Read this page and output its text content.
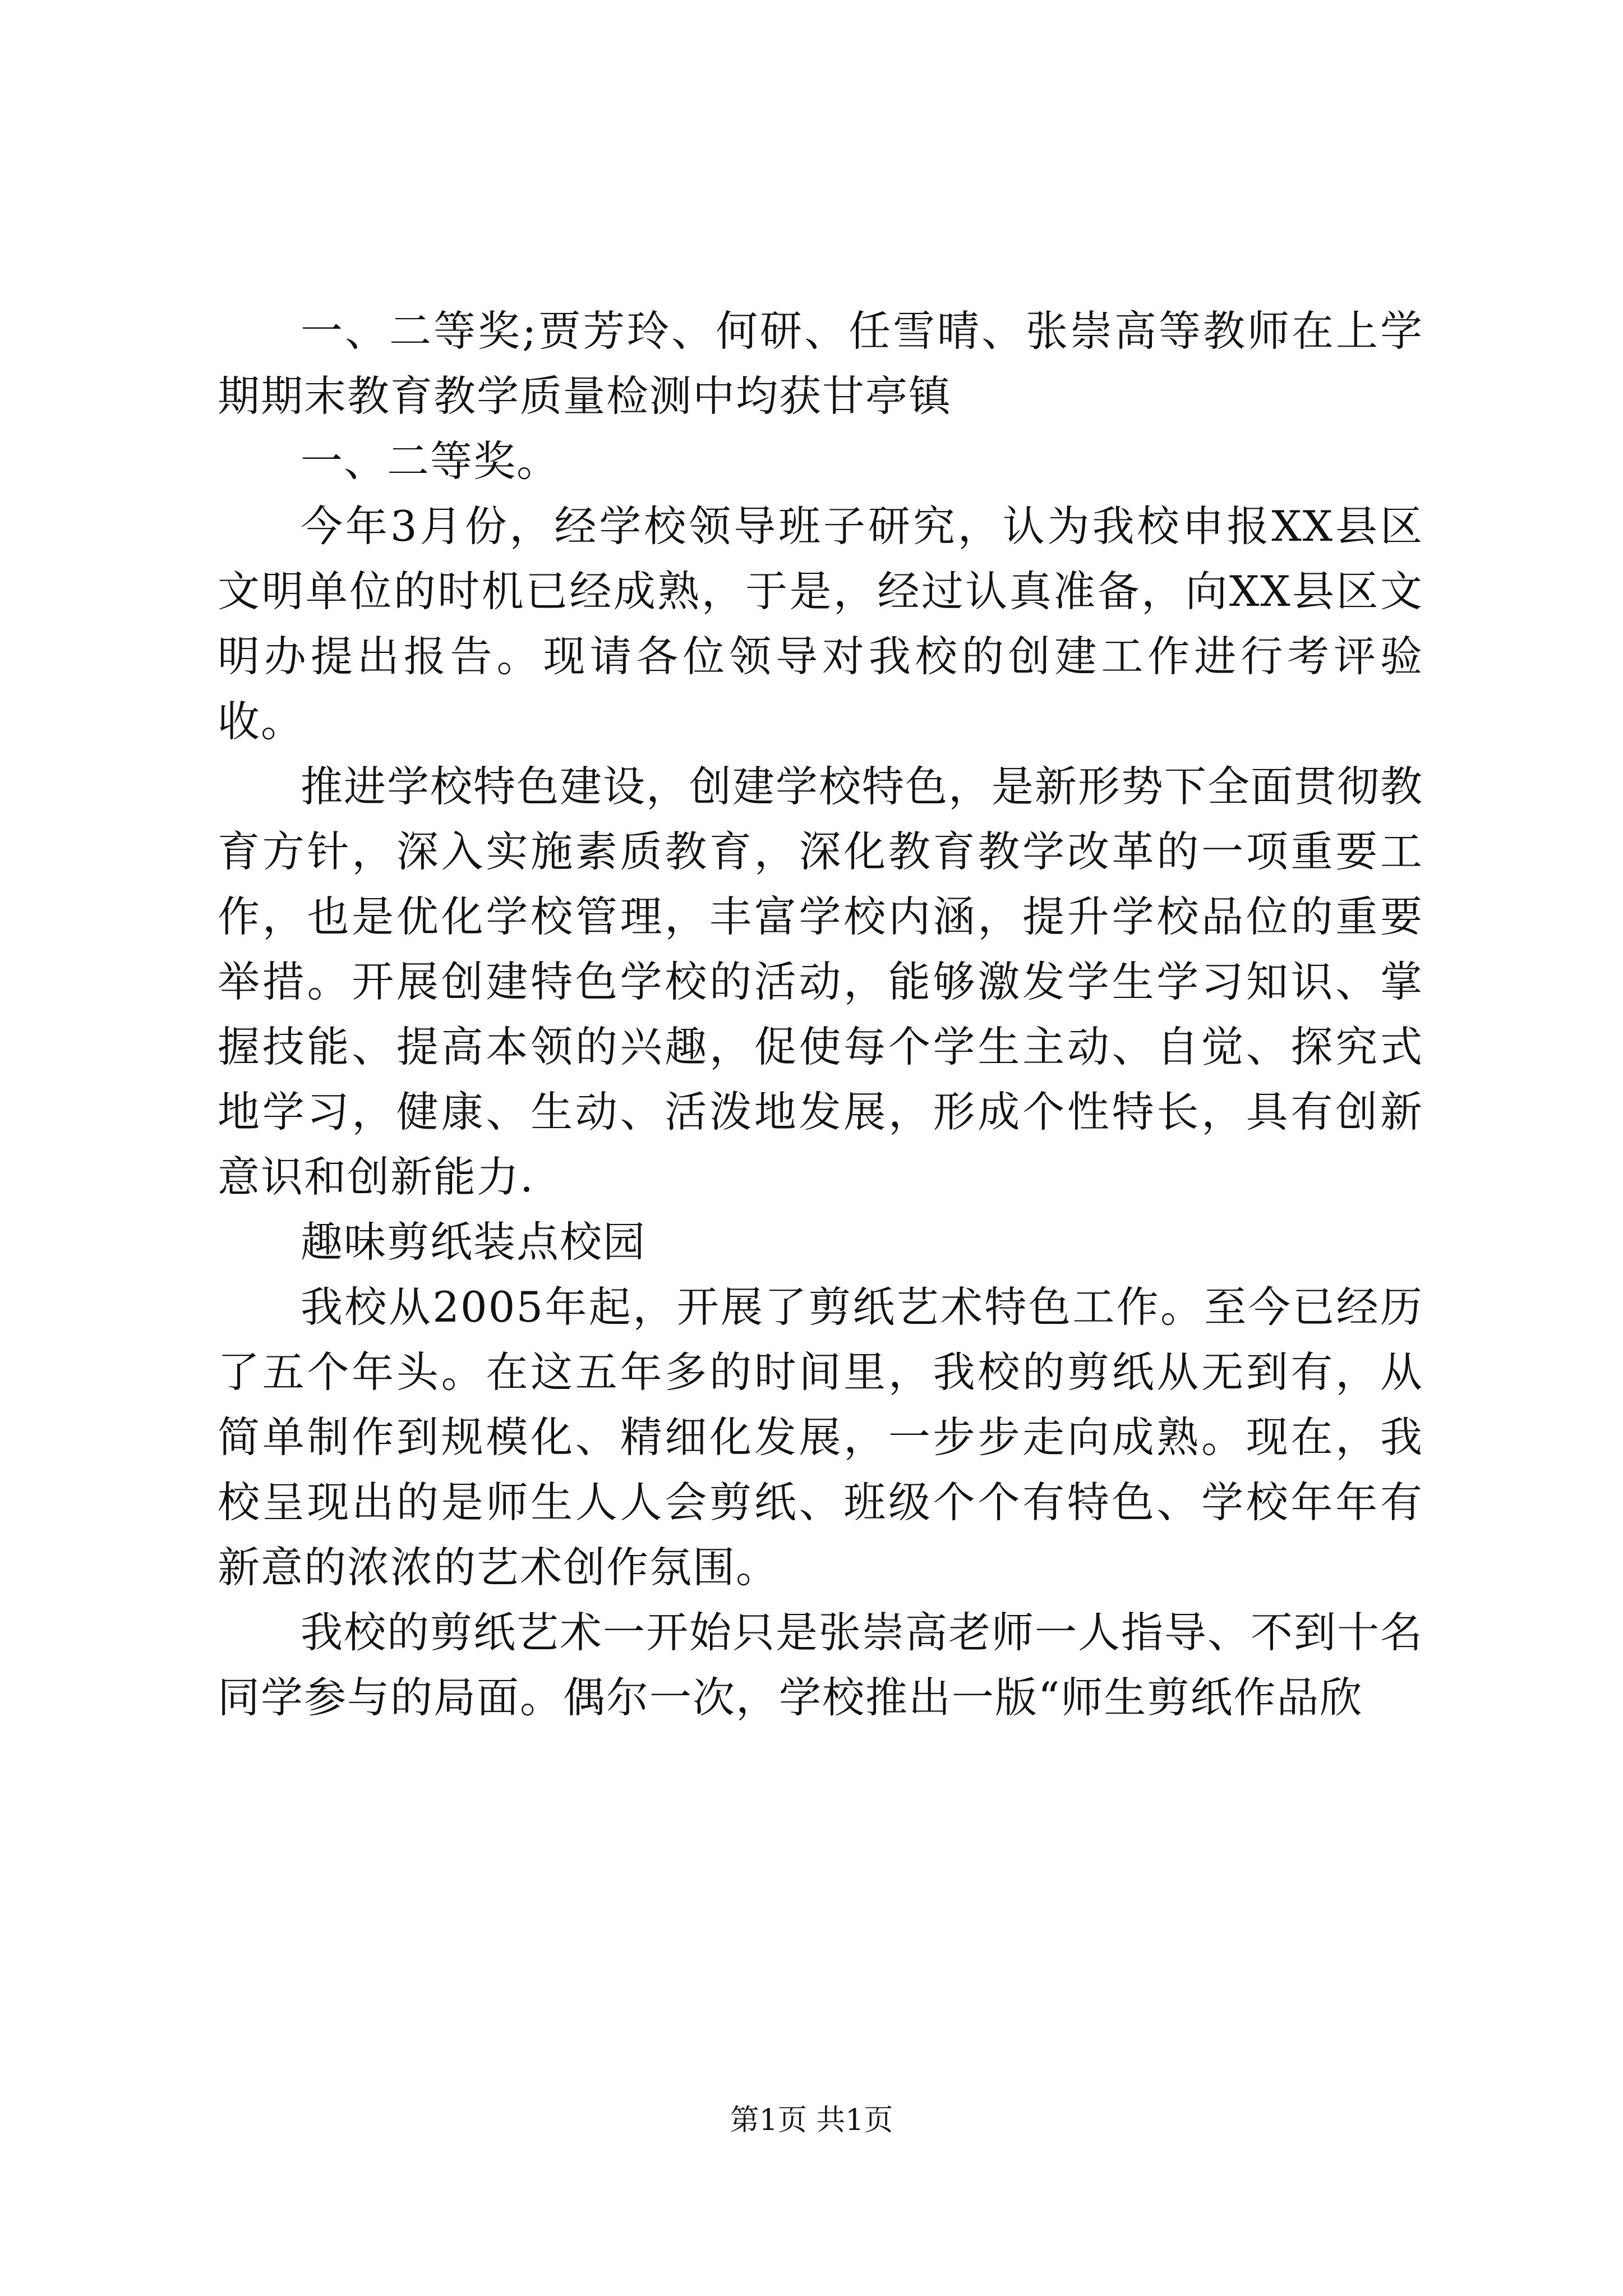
一、二等奖;贾芳玲、何研、任雪晴、张崇高等教师在上学期期末教育教学质量检测中均获甘亭镇

一、二等奖。

今年3月份，经学校领导班子研究，认为我校申报XX县区文明单位的时机已经成熟，于是，经过认真准备，向XX县区文明办提出报告。现请各位领导对我校的创建工作进行考评验收。

推进学校特色建设，创建学校特色，是新形势下全面贯彻教育方针，深入实施素质教育，深化教育教学改革的一项重要工作，也是优化学校管理，丰富学校内涵，提升学校品位的重要举措。开展创建特色学校的活动，能够激发学生学习知识、掌握技能、提高本领的兴趣，促使每个学生主动、自觉、探究式地学习，健康、生动、活泼地发展，形成个性特长，具有创新意识和创新能力.

趣味剪纸装点校园

我校从2005年起，开展了剪纸艺术特色工作。至今已经历了五个年头。在这五年多的时间里，我校的剪纸从无到有，从简单制作到规模化、精细化发展，一步步走向成熟。现在，我校呈现出的是师生人人会剪纸、班级个个有特色、学校年年有新意的浓浓的艺术创作氛围。

我校的剪纸艺术一开始只是张崇高老师一人指导、不到十名同学参与的局面。偶尔一次，学校推出一版“师生剪纸作品欣

第1页 共1页
